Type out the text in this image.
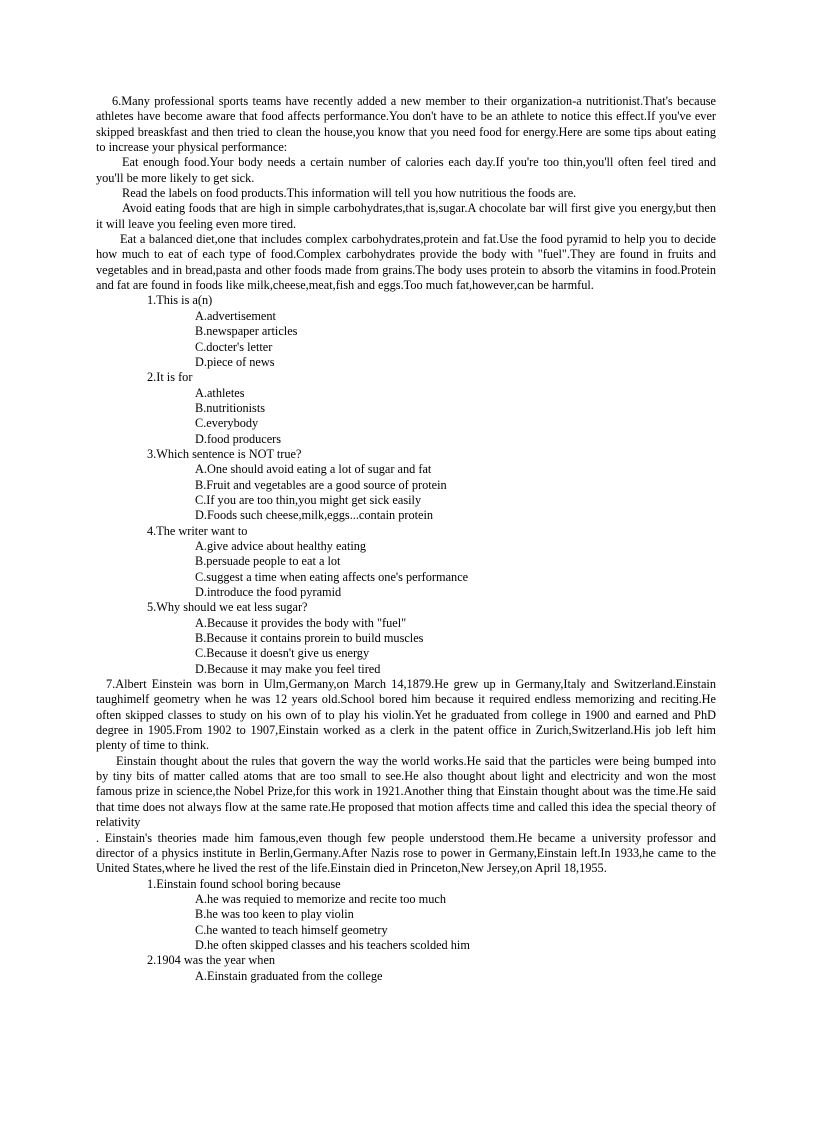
6.Many professional sports teams have recently added a new member to their organization-a nutritionist.That's because athletes have become aware that food affects performance.You don't have to be an athlete to notice this effect.If you've ever skipped breaskfast and then tried to clean the house,you know that you need food for energy.Here are some tips about eating to increase your physical performance:

Eat enough food.Your body needs a certain number of calories each day.If you're too thin,you'll often feel tired and you'll be more likely to get sick.

Read the labels on food products.This information will tell you how nutritious the foods are.

Avoid eating foods that are high in simple carbohydrates,that is,sugar.A chocolate bar will first give you energy,but then it will leave you feeling even more tired.

Eat a balanced diet,one that includes complex carbohydrates,protein and fat.Use the food pyramid to help you to decide how much to eat of each type of food.Complex carbohydrates provide the body with "fuel".They are found in fruits and vegetables and in bread,pasta and other foods made from grains.The body uses protein to absorb the vitamins in food.Protein and fat are found in foods like milk,cheese,meat,fish and eggs.Too much fat,however,can be harmful.

1.This is a(n)

A.advertisement

B.newspaper articles

C.docter's letter

D.piece of news

2.It is for

A.athletes

B.nutritionists

C.everybody

D.food producers

3.Which sentence is NOT true?

A.One should avoid eating a lot of sugar and fat

B.Fruit and vegetables are a good source of protein

C.If you are too thin,you might get sick easily

D.Foods such cheese,milk,eggs...contain protein

4.The writer want to

A.give advice about healthy eating

B.persuade people to eat a lot

C.suggest a time when eating affects one's performance

D.introduce the food pyramid

5.Why should we eat less sugar?

A.Because it provides the body with "fuel"

B.Because it contains prorein to build muscles

C.Because it doesn't give us energy

D.Because it may make you feel tired

7.Albert Einstein was born in Ulm,Germany,on March 14,1879.He grew up in Germany,Italy and Switzerland.Einstain taughimelf geometry when he was 12 years old.School bored him because it required endless memorizing and reciting.He often skipped classes to study on his own of to play his violin.Yet he graduated from college in 1900 and earned and PhD degree in 1905.From 1902 to 1907,Einstain worked as a clerk in the patent office in Zurich,Switzerland.His job left him plenty of time to think.

Einstain thought about the rules that govern the way the world works.He said that the particles were being bumped into by tiny bits of matter called atoms that are too small to see.He also thought about light and electricity and won the most famous prize in science,the Nobel Prize,for this work in 1921.Another thing that Einstain thought about was the time.He said that time does not always flow at the same rate.He proposed that motion affects time and called this idea the special theory of relativity

. Einstain's theories made him famous,even though few people understood them.He became a university professor and director of a physics institute in Berlin,Germany.After Nazis rose to power in Germany,Einstain left.In 1933,he came to the United States,where he lived the rest of the life.Einstain died in Princeton,New Jersey,on April 18,1955.

1.Einstain found school boring because

A.he was requied to memorize and recite too much

B.he was too keen to play violin

C.he wanted to teach himself geometry

D.he often skipped classes and his teachers scolded him

2.1904 was the year when

A.Einstain graduated from the college
